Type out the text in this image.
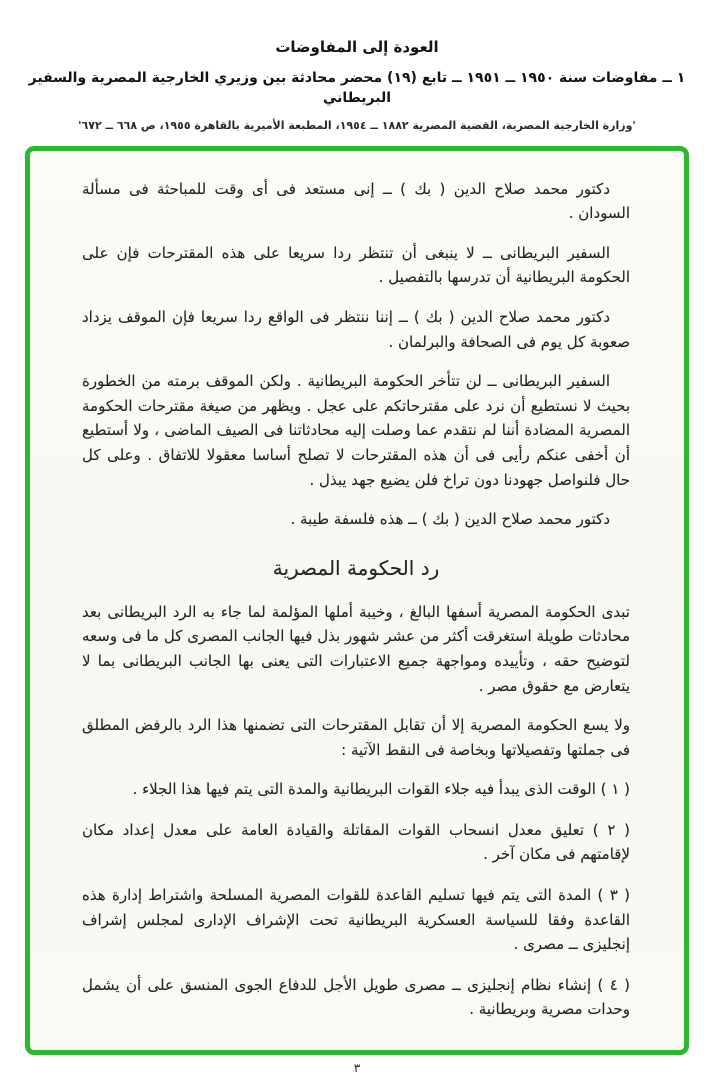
العودة إلى المفاوضات
١ ــ مفاوضات سنة ١٩٥٠ ــ ١٩٥١ ــ تابع (١٩) محضر محادثة بين وزيري الخارجية المصرية والسفير البريطاني
'وزارة الخارجية المصرية، القضية المصرية ١٨٨٢ ــ ١٩٥٤، المطبعة الأميرية بالقاهرة ١٩٥٥، ص ٦٦٨ ــ ٦٧٢'

دكتور محمد صلاح الدين ( بك ) ــ إنى مستعد فى أى وقت للمباحثة فى مسألة السودان .

السفير البريطانى ــ لا ينبغى أن تنتظر ردا سريعا على هذه المقترحات فإن على الحكومة البريطانية أن تدرسها بالتفصيل .

دكتور محمد صلاح الدين ( بك ) ــ إننا ننتظر فى الواقع ردا سريعا فإن الموقف يزداد صعوبة كل يوم فى الصحافة والبرلمان .

السفير البريطانى ــ لن تتأخر الحكومة البريطانية . ولكن الموقف برمته من الخطورة بحيث لا نستطيع أن نرد على مقترحاتكم على عجل . ويظهر من صيغة مقترحات الحكومة المصرية المضادة أننا لم نتقدم عما وصلت إليه محادثاتنا فى الصيف الماضى ، ولا أستطيع أن أخفى عنكم رأيى فى أن هذه المقترحات لا تصلح أساسا معقولا للاتفاق . وعلى كل حال فلنواصل جهودنا دون تراخ فلن يضيع جهد يبذل .

دكتور محمد صلاح الدين ( بك ) ــ هذه فلسفة طيبة .

رد الحكومة المصرية

تبدى الحكومة المصرية أسفها البالغ ، وخيبة أملها المؤلمة لما جاء به الرد البريطانى بعد محادثات طويلة استغرقت أكثر من عشر شهور بذل فيها الجانب المصرى كل ما فى وسعه لتوضيح حقه ، وتأييده ومواجهة جميع الاعتبارات التى يعنى بها الجانب البريطانى بما لا يتعارض مع حقوق مصر .

ولا يسع الحكومة المصرية إلا أن تقابل المقترحات التى تضمنها هذا الرد بالرفض المطلق فى جملتها وتفصيلاتها وبخاصة فى النقط الآتية :

( ١ ) الوقت الذى يبدأ فيه جلاء القوات البريطانية والمدة التى يتم فيها هذا الجلاء .

( ٢ ) تعليق معدل انسحاب القوات المقاتلة والقيادة العامة على معدل إعداد مكان لإقامتهم فى مكان آخر .

( ٣ ) المدة التى يتم فيها تسليم القاعدة للقوات المصرية المسلحة واشتراط إدارة هذه القاعدة وفقا للسياسة العسكرية البريطانية تحت الإشراف الإدارى لمجلس إشراف إنجليزى ــ مصرى .

( ٤ ) إنشاء نظام إنجليزى ــ مصرى طويل الأجل للدفاع الجوى المنسق على أن يشمل وحدات مصرية وبريطانية .

٣
